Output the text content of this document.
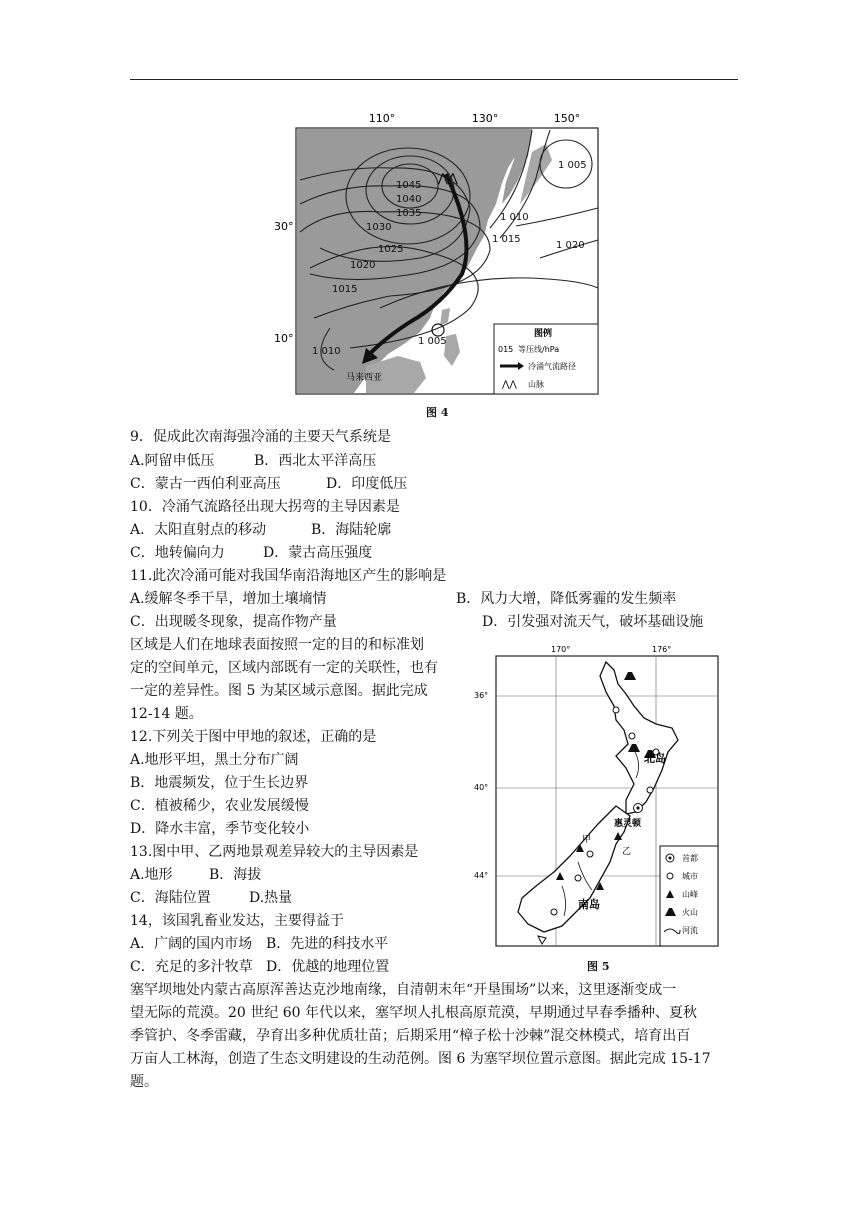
110°	130°	150°
30°
10°
1045
1040
1035
1030
1025
1020
1015
1 010
1 005
1 010
1 015
1 020
1 005
⋀⋀
马来西亚
图例
015 等压线/hPa
冷涌气流路径
⋀⋀ 山脉
图 4
9．促成此次南海强冷涌的主要天气系统是
A.阿留申低压	B．西北太平洋高压
C．蒙古一西伯利亚高压	D．印度低压
10．冷涌气流路径出现大拐弯的主导因素是
A．太阳直射点的移动	B．海陆轮廓
C．地转偏向力	D．蒙古高压强度
11.此次冷涌可能对我国华南沿海地区产生的影响是
A.缓解冬季干旱，增加土壤墒情	B．风力大增，降低雾霾的发生频率
C．出现暖冬现象，提高作物产量	D．引发强对流天气，破坏基础设施
区域是人们在地球表面按照一定的目的和标准划
定的空间单元，区域内部既有一定的关联性，也有
一定的差异性。图 5 为某区域示意图。据此完成
12-14 题。
12.下列关于图中甲地的叙述，正确的是
A.地形平坦，黑土分布广阔
B．地震频发，位于生长边界
C．植被稀少，农业发展缓慢
D．降水丰富，季节变化较小
13.图中甲、乙两地景观差异较大的主导因素是
A.地形	B．海拔
C．海陆位置	D.热量
14，该国乳畜业发达，主要得益于
A．广阔的国内市场 B．先进的科技水平
C．充足的多汁牧草 D．优越的地理位置
170°	176°
36°
40°
44°
北岛
南岛
惠灵顿
甲
乙
首都
城市
山峰
火山
河流
图 5
塞罕坝地处内蒙古高原浑善达克沙地南缘，自清朝末年“开垦围场”以来，这里逐渐变成一
望无际的荒漠。20 世纪 60 年代以来，塞罕坝人扎根高原荒漠，早期通过早春季播种、夏秋
季管护、冬季雷藏，孕育出多种优质壮苗；后期采用“樟子松十沙棘”混交林模式，培育出百
万亩人工林海，创造了生态文明建设的生动范例。图 6 为塞罕坝位置示意图。据此完成 15-17
题。
